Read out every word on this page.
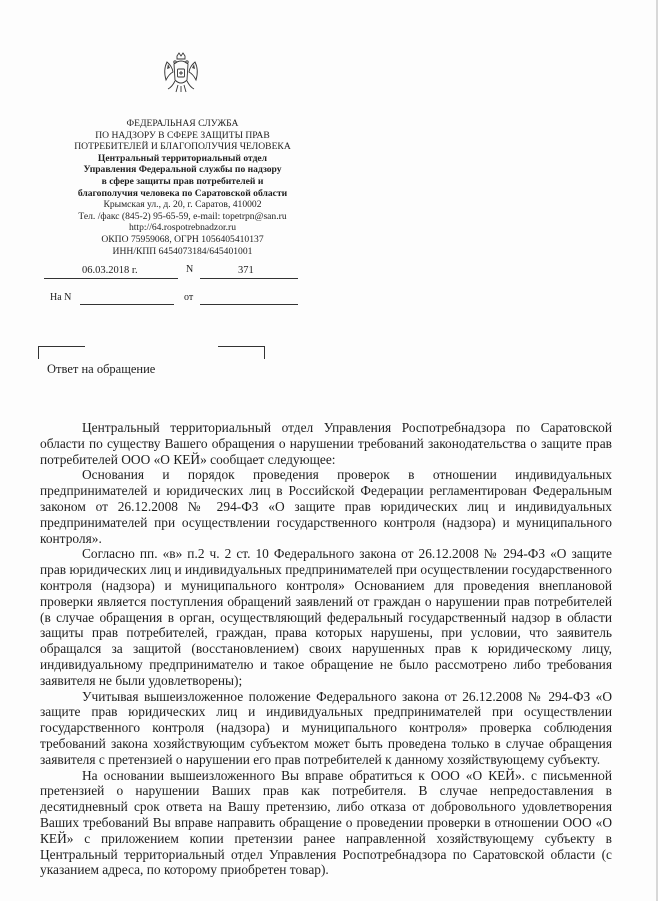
ФЕДЕРАЛЬНАЯ СЛУЖБА
ПО НАДЗОРУ В СФЕРЕ ЗАЩИТЫ ПРАВ
ПОТРЕБИТЕЛЕЙ И БЛАГОПОЛУЧИЯ ЧЕЛОВЕКА
Центральный территориальный отдел
Управления Федеральной службы по надзору
в сфере защиты прав потребителей и
благополучия человека по Саратовской области
Крымская ул., д. 20, г. Саратов, 410002
Тел. /факс (845-2) 95-65-59, e-mail: topetrpn@san.ru
http://64.rospotrebnadzor.ru
ОКПО 75959068, ОГРН 1056405410137
ИНН/КПП 6454073184/645401001
06.03.2018 г.	N	371
На N	от
Ответ на обращение

Центральный территориальный отдел Управления Роспотребнадзора по Саратовской области по существу Вашего обращения о нарушении требований законодательства о защите прав потребителей ООО «О КЕЙ» сообщает следующее:

Основания и порядок проведения проверок в отношении индивидуальных предпринимателей и юридических лиц в Российской Федерации регламентирован Федеральным законом от 26.12.2008 № 294-ФЗ «О защите прав юридических лиц и индивидуальных предпринимателей при осуществлении государственного контроля (надзора) и муниципального контроля».

Согласно пп. «в» п.2 ч. 2 ст. 10 Федерального закона от 26.12.2008 № 294-ФЗ «О защите прав юридических лиц и индивидуальных предпринимателей при осуществлении государственного контроля (надзора) и муниципального контроля» Основанием для проведения внеплановой проверки является поступления обращений заявлений от граждан о нарушении прав потребителей (в случае обращения в орган, осуществляющий федеральный государственный надзор в области защиты прав потребителей, граждан, права которых нарушены, при условии, что заявитель обращался за защитой (восстановлением) своих нарушенных прав к юридическому лицу, индивидуальному предпринимателю и такое обращение не было рассмотрено либо требования заявителя не были удовлетворены);

Учитывая вышеизложенное положение Федерального закона от 26.12.2008 № 294-ФЗ «О защите прав юридических лиц и индивидуальных предпринимателей при осуществлении государственного контроля (надзора) и муниципального контроля» проверка соблюдения требований закона хозяйствующим субъектом может быть проведена только в случае обращения заявителя с претензией о нарушении его прав потребителей к данному хозяйствующему субъекту.

На основании вышеизложенного Вы вправе обратиться к ООО «О КЕЙ». с письменной претензией о нарушении Ваших прав как потребителя. В случае непредоставления в десятидневный срок ответа на Вашу претензию, либо отказа от добровольного удовлетворения Ваших требований Вы вправе направить обращение о проведении проверки в отношении ООО «О КЕЙ» с приложением копии претензии ранее направленной хозяйствующему субъекту в Центральный территориальный отдел Управления Роспотребнадзора по Саратовской области (с указанием адреса, по которому приобретен товар).
